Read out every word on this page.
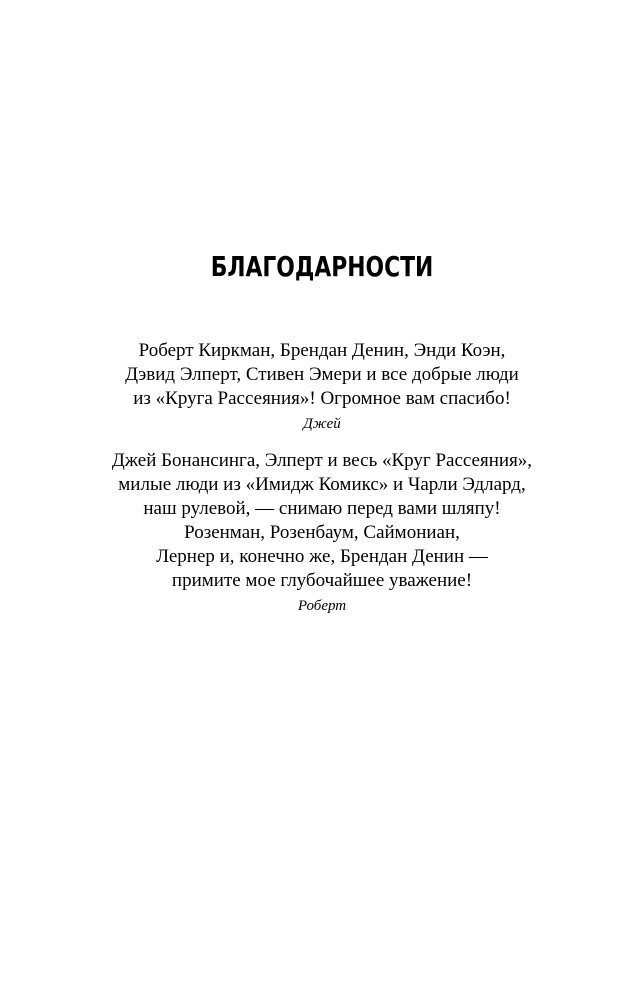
БЛАГОДАРНОСТИ
Роберт Киркман, Брендан Денин, Энди Коэн,
Дэвид Элперт, Стивен Эмери и все добрые люди
из «Круга Рассеяния»! Огромное вам спасибо!
Джей
Джей Бонансинга, Элперт и весь «Круг Рассеяния»,
милые люди из «Имидж Комикс» и Чарли Эдлард,
наш рулевой, — снимаю перед вами шляпу!
Розенман, Розенбаум, Саймониан,
Лернер и, конечно же, Брендан Денин —
примите мое глубочайшее уважение!
Роберт
